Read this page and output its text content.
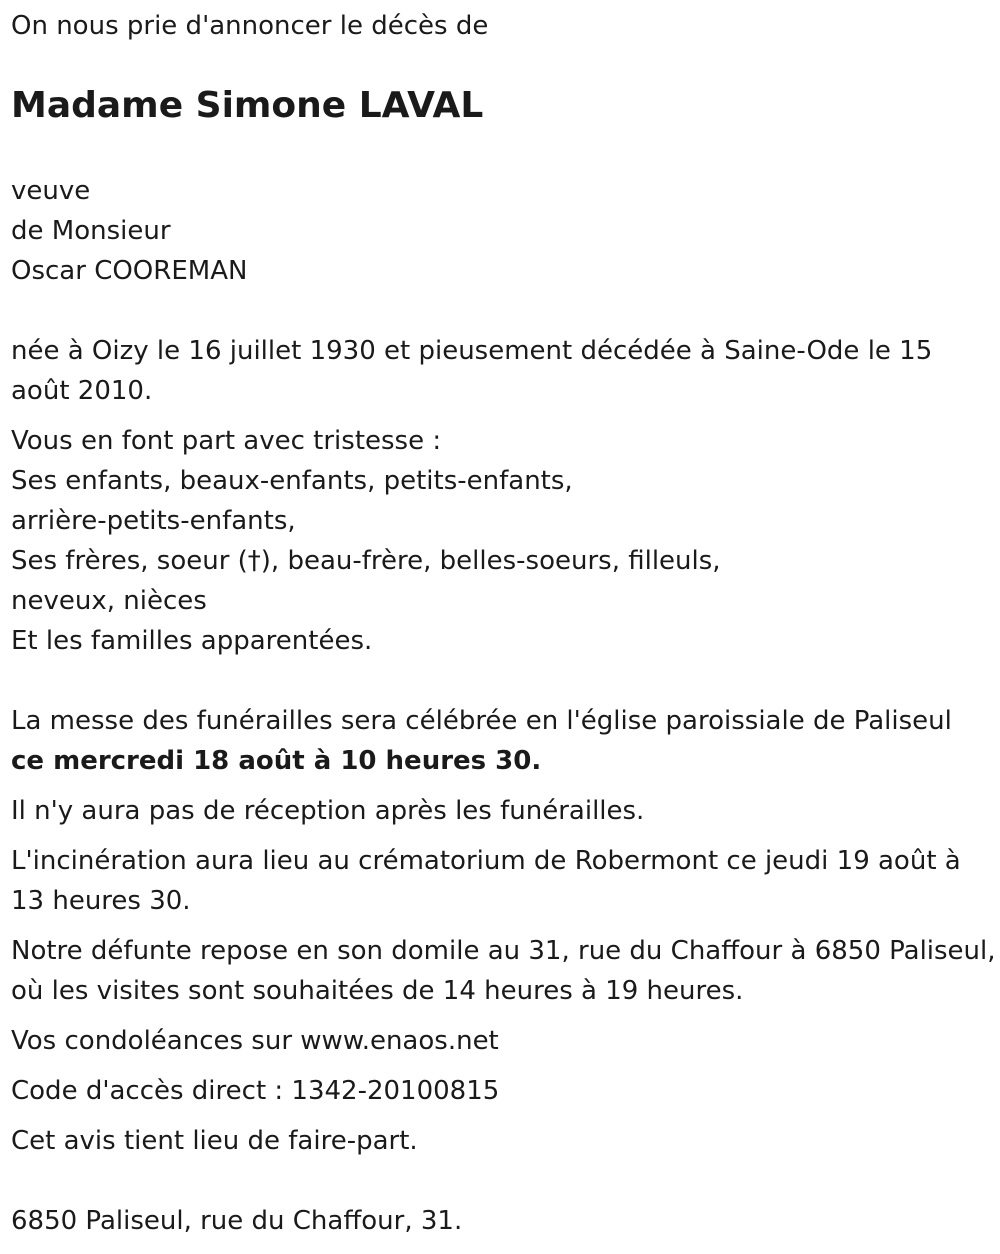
On nous prie d'annoncer le décès de
Madame Simone LAVAL
veuve
de Monsieur
Oscar COOREMAN
née à Oizy le 16 juillet 1930 et pieusement décédée à Saine-Ode le 15 août 2010.
Vous en font part avec tristesse :
Ses enfants, beaux-enfants, petits-enfants,
arrière-petits-enfants,
Ses frères, soeur (†), beau-frère, belles-soeurs, filleuls,
neveux, nièces
Et les familles apparentées.
La messe des funérailles sera célébrée en l'église paroissiale de Paliseul
ce mercredi 18 août à 10 heures 30.
Il n'y aura pas de réception après les funérailles.
L'incinération aura lieu au crématorium de Robermont ce jeudi 19 août à 13 heures 30.
Notre défunte repose en son domile au 31, rue du Chaffour à 6850 Paliseul, où les visites sont souhaitées de 14 heures à 19 heures.
Vos condoléances sur www.enaos.net
Code d'accès direct : 1342-20100815
Cet avis tient lieu de faire-part.
6850 Paliseul, rue du Chaffour, 31.
